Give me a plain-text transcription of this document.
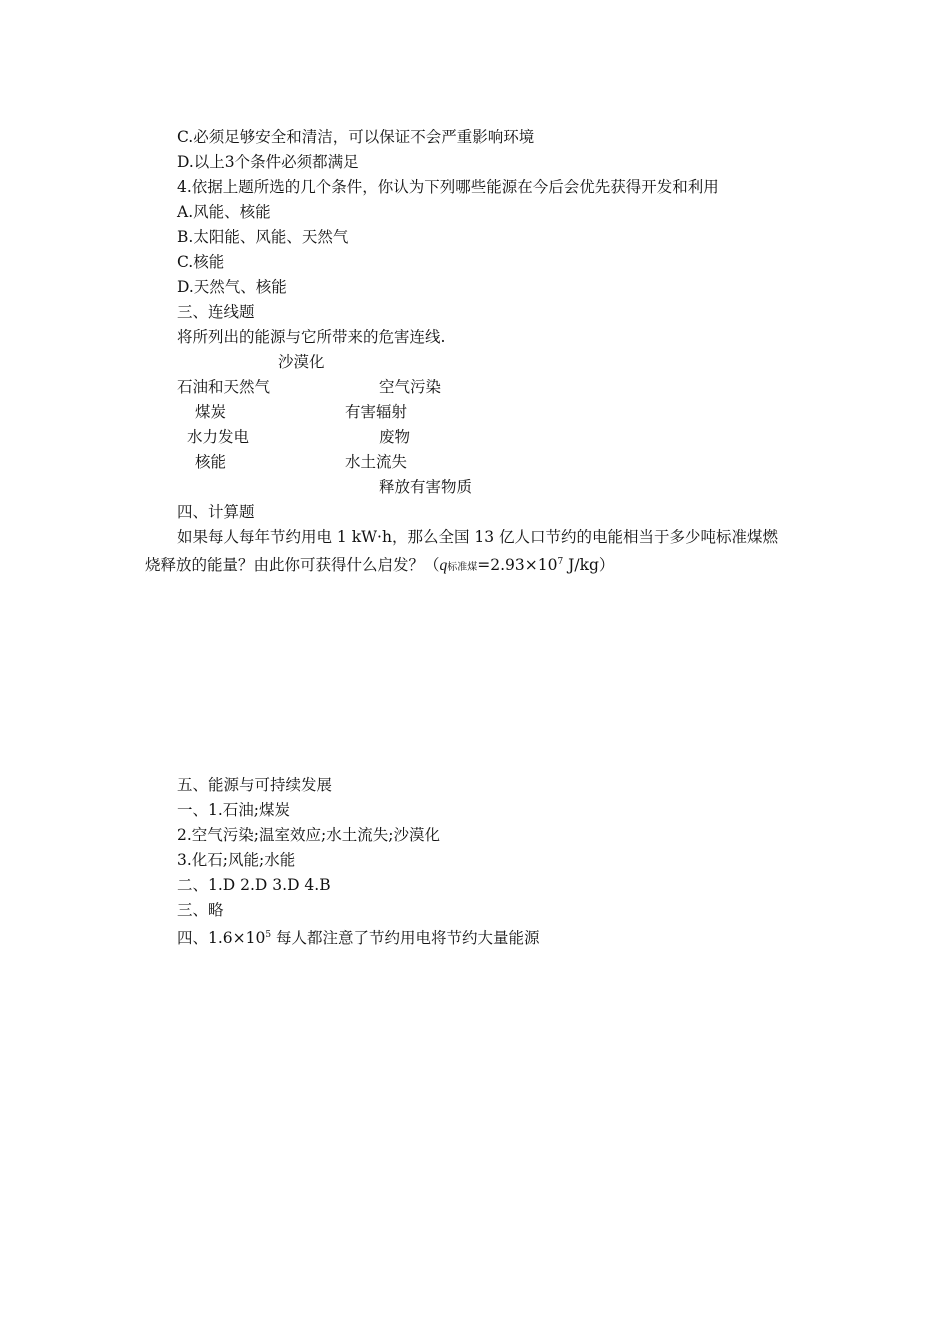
C.必须足够安全和清洁，可以保证不会严重影响环境
D.以上3个条件必须都满足
4.依据上题所选的几个条件，你认为下列哪些能源在今后会优先获得开发和利用
A.风能、核能
B.太阳能、风能、天然气
C.核能
D.天然气、核能
三、连线题
将所列出的能源与它所带来的危害连线.
沙漠化
石油和天然气	空气污染
煤炭	有害辐射
水力发电	废物
核能	水土流失
释放有害物质
四、计算题
如果每人每年节约用电 1 kW·h，那么全国 13 亿人口节约的电能相当于多少吨标准煤燃
烧释放的能量？由此你可获得什么启发？（q标准煤$=2.93\times 10^7$ J/kg）
五、能源与可持续发展
一、1.石油;煤炭
2.空气污染;温室效应;水土流失;沙漠化
3.化石;风能;水能
二、1.D 2.D 3.D 4.B
三、略
四、$1.6\times 10^5$ 每人都注意了节约用电将节约大量能源
